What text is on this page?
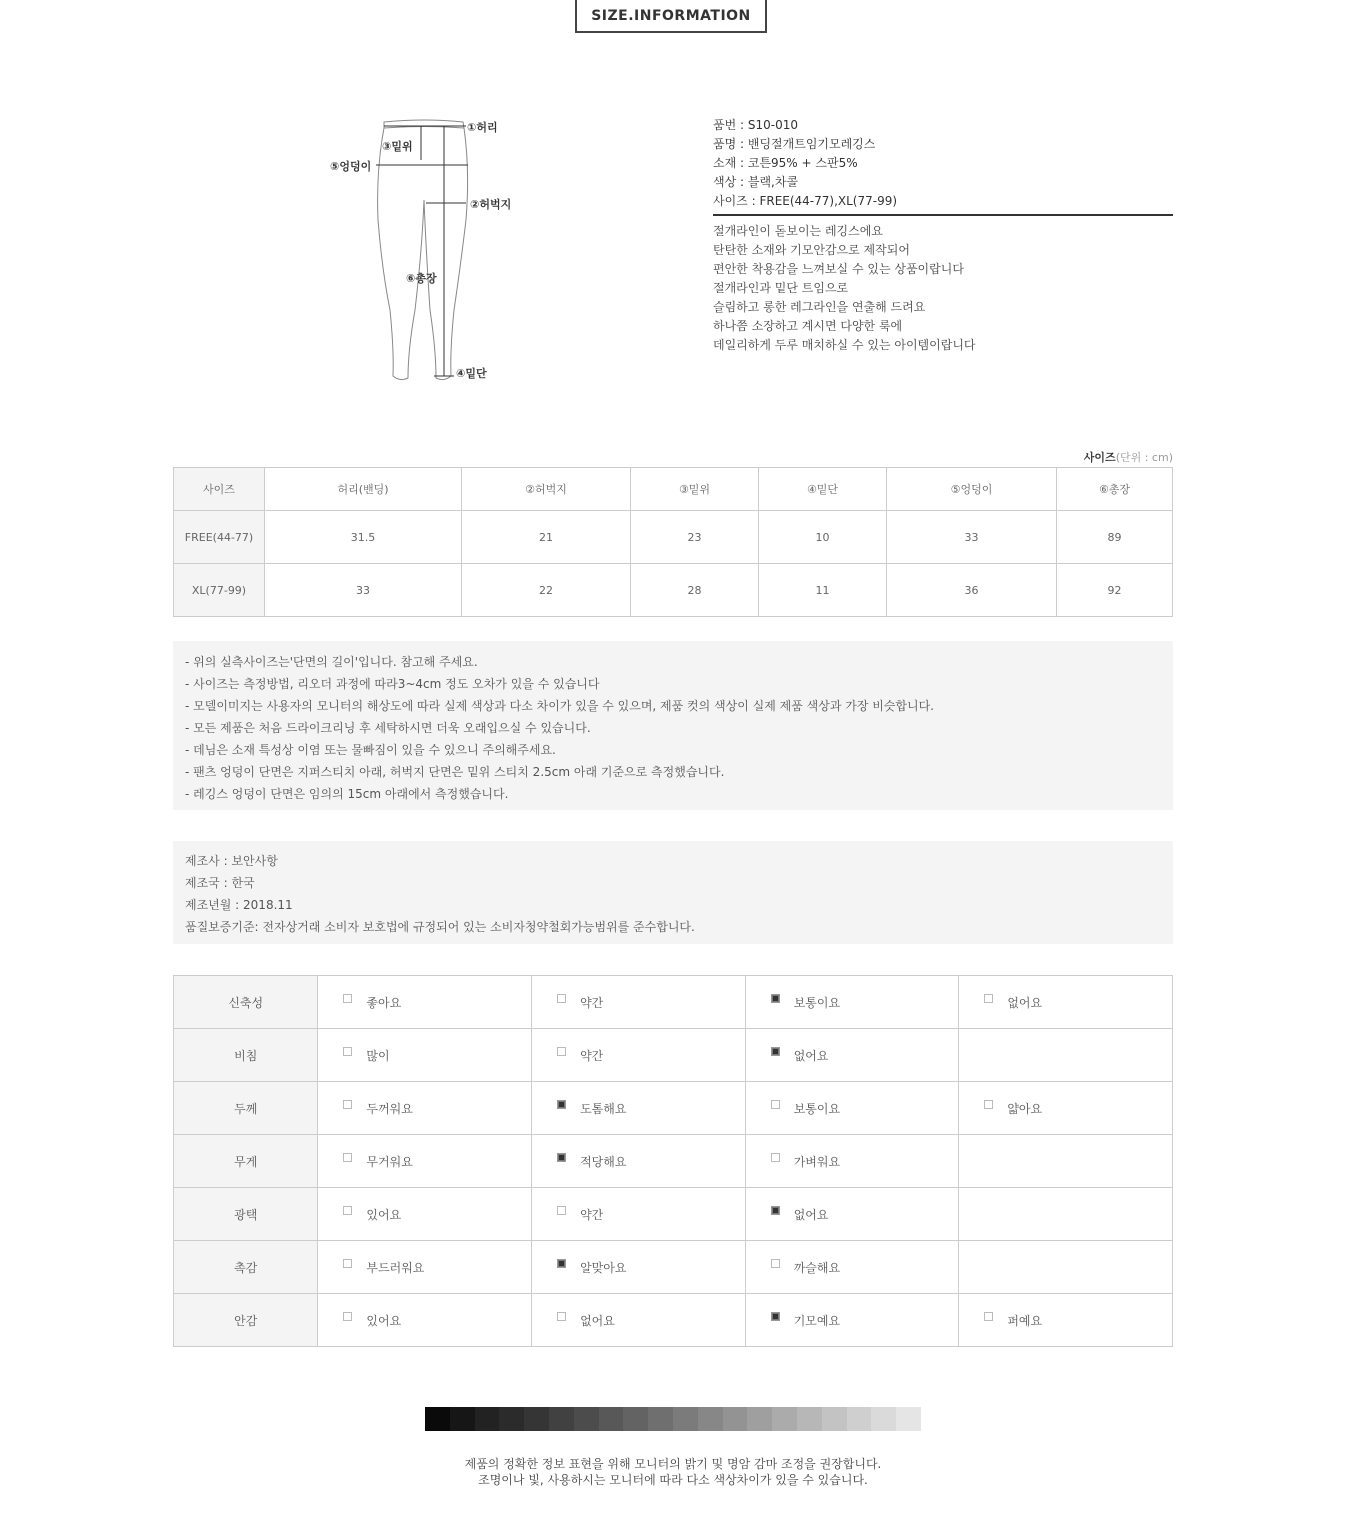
SIZE.INFORMATION
①허리
③밑위
⑤엉덩이
②허벅지
⑥총장
④밑단
품번 : S10-010
품명 : 밴딩절개트임기모레깅스
소재 : 코튼95% + 스판5%
색상 : 블랙,차콜
사이즈 : FREE(44-77),XL(77-99)
절개라인이 돋보이는 레깅스에요
탄탄한 소재와 기모안감으로 제작되어
편안한 착용감을 느껴보실 수 있는 상품이랍니다
절개라인과 밑단 트임으로
슬림하고 롱한 레그라인을 연출해 드려요
하나쯤 소장하고 계시면 다양한 룩에
데일리하게 두루 매치하실 수 있는 아이템이랍니다
사이즈(단위 : cm)
사이즈	허리(밴딩)	②허벅지	③밑위	④밑단	⑤엉덩이	⑥총장
FREE(44-77)	31.5	21	23	10	33	89
XL(77-99)	33	22	28	11	36	92
- 위의 실측사이즈는'단면의 길이'입니다. 참고해 주세요.
- 사이즈는 측정방법, 리오더 과정에 따라3~4cm 정도 오차가 있을 수 있습니다
- 모델이미지는 사용자의 모니터의 해상도에 따라 실제 색상과 다소 차이가 있을 수 있으며, 제품 컷의 색상이 실제 제품 색상과 가장 비슷합니다.
- 모든 제품은 처음 드라이크리닝 후 세탁하시면 더욱 오래입으실 수 있습니다.
- 데님은 소재 특성상 이염 또는 물빠짐이 있을 수 있으니 주의해주세요.
- 팬츠 엉덩이 단면은 지퍼스티치 아래, 허벅지 단면은 밑위 스티치 2.5cm 아래 기준으로 측정했습니다.
- 레깅스 엉덩이 단면은 임의의 15cm 아래에서 측정했습니다.
제조사 : 보안사항
제조국 : 한국
제조년월 : 2018.11
품질보증기준: 전자상거래 소비자 보호법에 규정되어 있는 소비자청약철회가능범위를 준수합니다.
신축성	좋아요	약간	보통이요	없어요
비침	많이	약간	없어요	
두께	두꺼워요	도톰해요	보통이요	얇아요
무게	무거워요	적당해요	가벼워요	
광택	있어요	약간	없어요	
촉감	부드러워요	알맞아요	까슬해요	
안감	있어요	없어요	기모예요	퍼예요
제품의 정확한 정보 표현을 위해 모니터의 밝기 및 명암 감마 조정을 권장합니다.
조명이나 빛, 사용하시는 모니터에 따라 다소 색상차이가 있을 수 있습니다.
